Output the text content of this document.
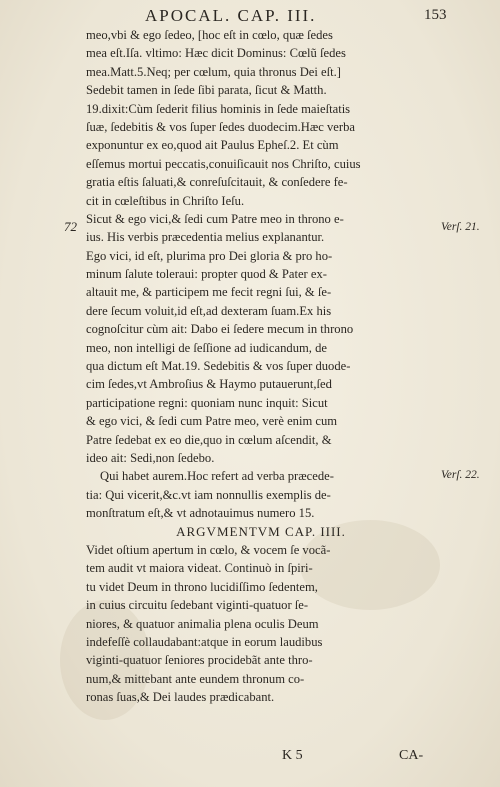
APOCAL. CAP. III.	153
meo,vbi & ego ſedeo, [hoc eſt in cœlo, quæ ſedes
mea eſt.Iſa. vltimo: Hæc dicit Dominus: Cœlũ ſedes
mea.Matt.5.Neq; per cœlum, quia thronus Dei eſt.]
Sedebit tamen in ſede ſibi parata, ſicut & Matth.
19.dixit:Cùm ſederit filius hominis in ſede maieſtatis
ſuæ, ſedebitis & vos ſuper ſedes duodecim.Hæc verba
exponuntur ex eo,quod ait Paulus Epheſ.2. Et cùm
eſſemus mortui peccatis,conuiſicauit nos Chriſto, cuius
gratia eſtis ſaluati,& conreſuſcitauit, & conſedere fe-
cit in cœleſtibus in Chriſto Ieſu.
Sicut & ego vici,& ſedi cum Patre meo in throno e-
ius. His verbis præcedentia melius explanantur.
Ego vici, id eſt, plurima pro Dei gloria & pro ho-
minum ſalute toleraui: propter quod & Pater ex-
altauit me, & participem me fecit regni ſui, & ſe-
dere ſecum voluit,id eſt,ad dexteram ſuam.Ex his
cognoſcitur cùm ait: Dabo ei ſedere mecum in throno
meo, non intelligi de ſeſſione ad iudicandum, de
qua dictum eſt Mat.19. Sedebitis & vos ſuper duode-
cim ſedes,vt Ambroſius & Haymo putauerunt,ſed
participatione regni: quoniam nunc inquit: Sicut
& ego vici, & ſedi cum Patre meo, verè enim cum
Patre ſedebat ex eo die,quo in cœlum aſcendit, &
ideo ait: Sedi,non ſedebo.
Qui habet aurem.Hoc refert ad verba præcede-
tia: Qui vicerit,&c.vt iam nonnullis exemplis de-
monſtratum eſt,& vt adnotauimus numero 15.
ARGVMENTVM CAP. IIII.
Videt oſtium apertum in cœlo, & vocem ſe vocã-
tem audit vt maiora videat. Continuò in ſpiri-
tu videt Deum in throno lucidiſſimo ſedentem,
in cuius circuitu ſedebant viginti-quatuor ſe-
niores, & quatuor animalia plena oculis Deum
indefeſſè collaudabant:atque in eorum laudibus
viginti-quatuor ſeniores procidebãt ante thro-
num,& mittebant ante eundem thronum co-
ronas ſuas,& Dei laudes prædicabant.
72	Verſ. 21.
Verſ. 22.
K 5	CA-
